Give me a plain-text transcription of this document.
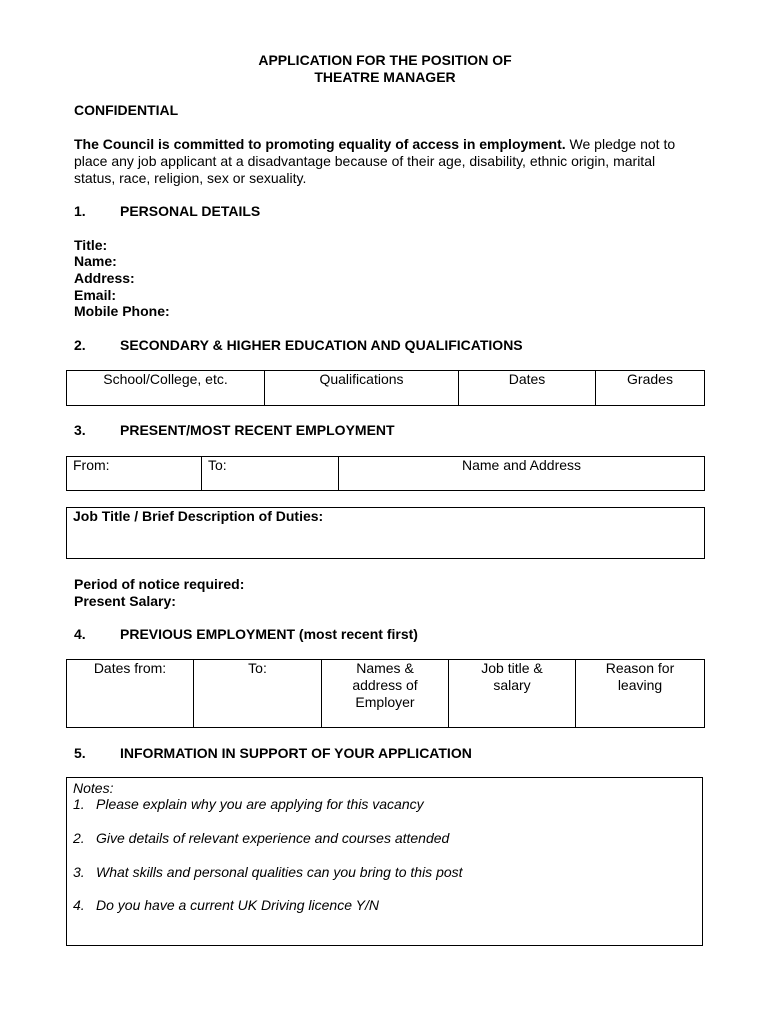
APPLICATION FOR THE POSITION OF
THEATRE MANAGER
CONFIDENTIAL
The Council is committed to promoting equality of access in employment. We pledge not to place any job applicant at a disadvantage because of their age, disability, ethnic origin, marital status, race, religion, sex or sexuality.
1. PERSONAL DETAILS
Title:
Name:
Address:
Email:
Mobile Phone:
2. SECONDARY & HIGHER EDUCATION AND QUALIFICATIONS
School/College, etc.	Qualifications	Dates	Grades
3. PRESENT/MOST RECENT EMPLOYMENT
From:	To:	Name and Address
Job Title / Brief Description of Duties:
Period of notice required:
Present Salary:
4. PREVIOUS EMPLOYMENT (most recent first)
Dates from:	To:	Names & address of Employer	Job title & salary	Reason for leaving
5. INFORMATION IN SUPPORT OF YOUR APPLICATION
Notes:
1. Please explain why you are applying for this vacancy
2. Give details of relevant experience and courses attended
3. What skills and personal qualities can you bring to this post
4. Do you have a current UK Driving licence Y/N
